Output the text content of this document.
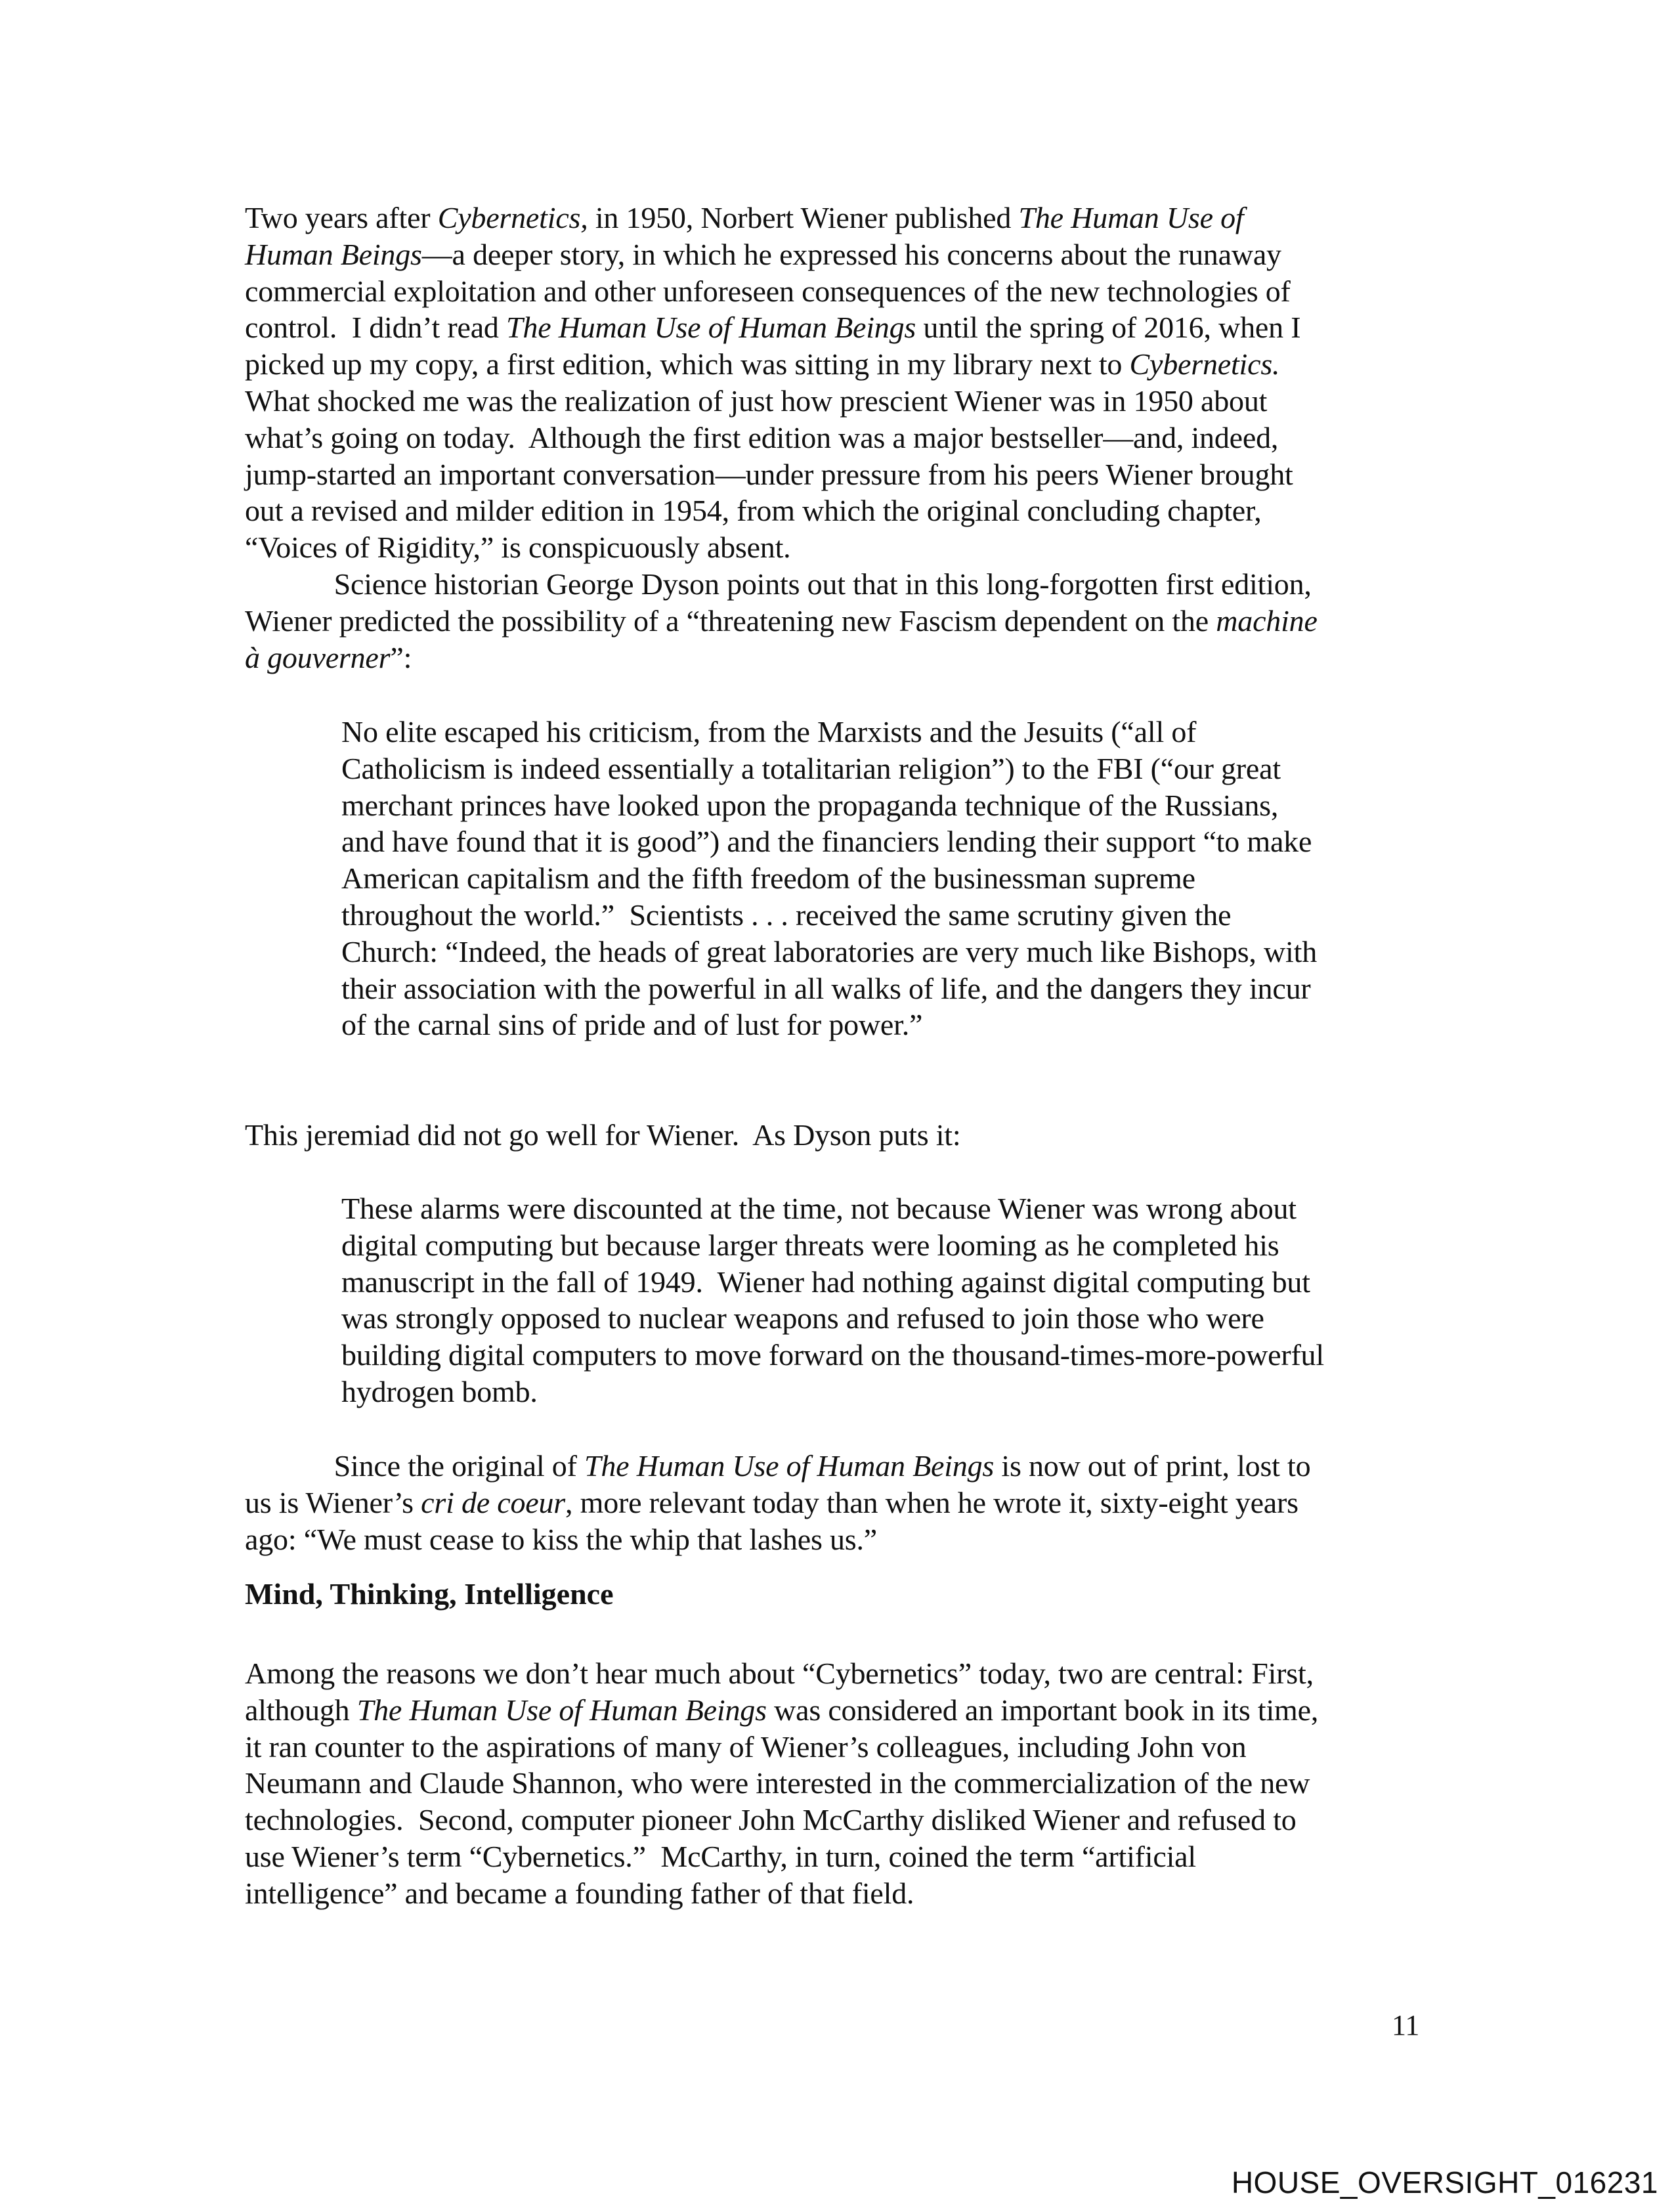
Two years after Cybernetics, in 1950, Norbert Wiener published The Human Use of
Human Beings—a deeper story, in which he expressed his concerns about the runaway
commercial exploitation and other unforeseen consequences of the new technologies of
control.  I didn’t read The Human Use of Human Beings until the spring of 2016, when I
picked up my copy, a first edition, which was sitting in my library next to Cybernetics.
What shocked me was the realization of just how prescient Wiener was in 1950 about
what’s going on today.  Although the first edition was a major bestseller—and, indeed,
jump-started an important conversation—under pressure from his peers Wiener brought
out a revised and milder edition in 1954, from which the original concluding chapter,
“Voices of Rigidity,” is conspicuously absent.
Science historian George Dyson points out that in this long-forgotten first edition,
Wiener predicted the possibility of a “threatening new Fascism dependent on the machine
à gouverner”:
No elite escaped his criticism, from the Marxists and the Jesuits (“all of
Catholicism is indeed essentially a totalitarian religion”) to the FBI (“our great
merchant princes have looked upon the propaganda technique of the Russians,
and have found that it is good”) and the financiers lending their support “to make
American capitalism and the fifth freedom of the businessman supreme
throughout the world.”  Scientists . . . received the same scrutiny given the
Church: “Indeed, the heads of great laboratories are very much like Bishops, with
their association with the powerful in all walks of life, and the dangers they incur
of the carnal sins of pride and of lust for power.”
This jeremiad did not go well for Wiener.  As Dyson puts it:
These alarms were discounted at the time, not because Wiener was wrong about
digital computing but because larger threats were looming as he completed his
manuscript in the fall of 1949.  Wiener had nothing against digital computing but
was strongly opposed to nuclear weapons and refused to join those who were
building digital computers to move forward on the thousand-times-more-powerful
hydrogen bomb.
Since the original of The Human Use of Human Beings is now out of print, lost to
us is Wiener’s cri de coeur, more relevant today than when he wrote it, sixty-eight years
ago: “We must cease to kiss the whip that lashes us.”
Mind, Thinking, Intelligence
Among the reasons we don’t hear much about “Cybernetics” today, two are central: First,
although The Human Use of Human Beings was considered an important book in its time,
it ran counter to the aspirations of many of Wiener’s colleagues, including John von
Neumann and Claude Shannon, who were interested in the commercialization of the new
technologies.  Second, computer pioneer John McCarthy disliked Wiener and refused to
use Wiener’s term “Cybernetics.”  McCarthy, in turn, coined the term “artificial
intelligence” and became a founding father of that field.
11
HOUSE_OVERSIGHT_016231
